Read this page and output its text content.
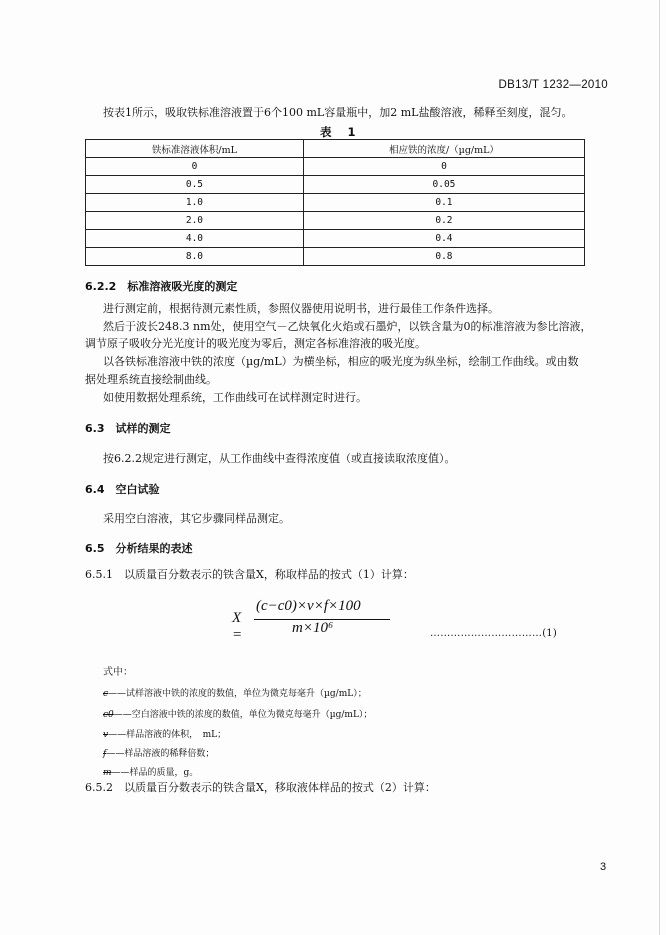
DB13/T 1232—2010
按表1所示，吸取铁标准溶液置于6个100 mL容量瓶中，加2 mL盐酸溶液，稀释至刻度，混匀。
表 1
铁标准溶液体积/mL	相应铁的浓度/（µg/mL）
0	0
0.5	0.05
1.0	0.1
2.0	0.2
4.0	0.4
8.0	0.8
6.2.2　标准溶液吸光度的测定
进行测定前，根据待测元素性质，参照仪器使用说明书，进行最佳工作条件选择。
然后于波长248.3 nm处，使用空气－乙炔氧化火焰或石墨炉，以铁含量为0的标准溶液为参比溶液，
调节原子吸收分光光度计的吸光度为零后，测定各标准溶液的吸光度。
以各铁标准溶液中铁的浓度（µg/mL）为横坐标，相应的吸光度为纵坐标，绘制工作曲线。或由数
据处理系统直接绘制曲线。
如使用数据处理系统，工作曲线可在试样测定时进行。
6.3　试样的测定
按6.2.2规定进行测定，从工作曲线中查得浓度值（或直接读取浓度值）。
6.4　空白试验
采用空白溶液，其它步骤同样品测定。
6.5　分析结果的表述
6.5.1　以质量百分数表示的铁含量X，称取样品的按式（1）计算：
X =
(c−c0)×v×f×100
m×10⁶	……………………………(1)
式中：
c——试样溶液中铁的浓度的数值，单位为微克每毫升（µg/mL）；
c0——空白溶液中铁的浓度的数值，单位为微克每毫升（µg/mL）；
v——样品溶液的体积，　mL；
f——样品溶液的稀释倍数；
m——样品的质量，g。
6.5.2　以质量百分数表示的铁含量X，移取液体样品的按式（2）计算：
3
